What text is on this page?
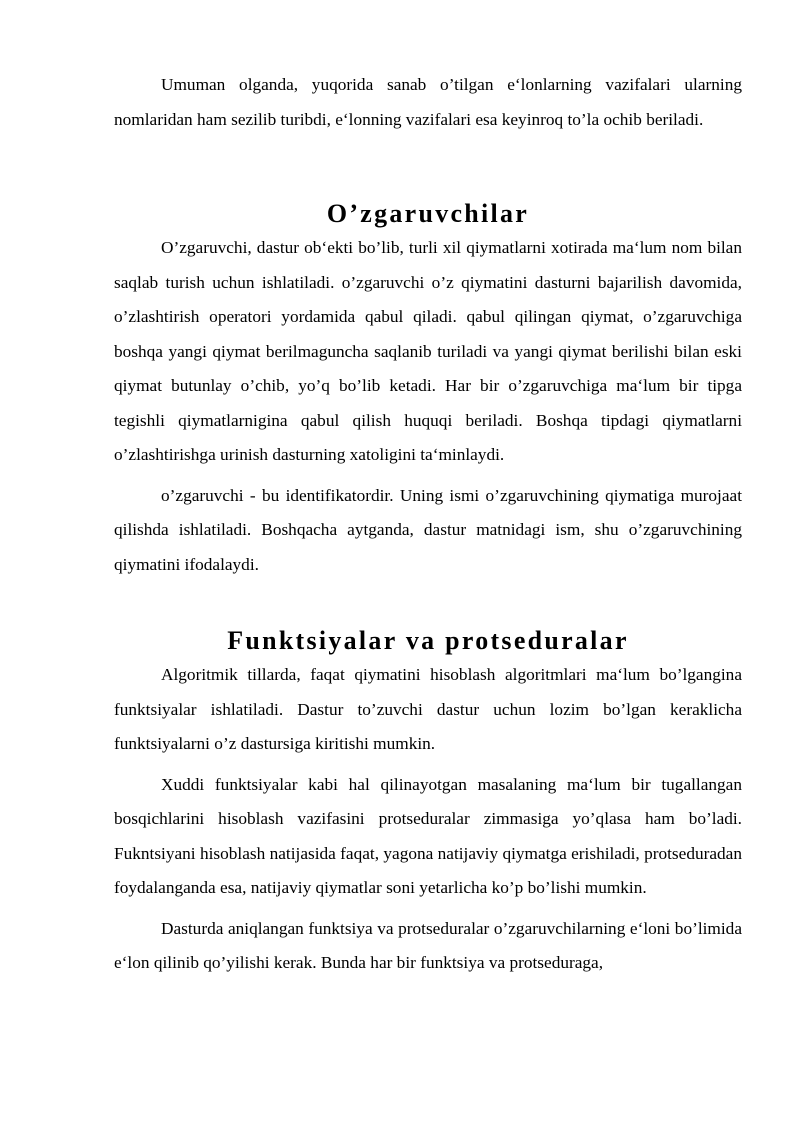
Umuman olganda, yuqorida sanab o’tilgan e‘lonlarning vazifalari ularning nomlaridan ham sezilib turibdi, e‘lonning vazifalari esa keyinroq to’la ochib beriladi.

O’zgaruvchilar

O’zgaruvchi, dastur ob‘ekti bo’lib, turli xil qiymatlarni xotirada ma‘lum nom bilan saqlab turish uchun ishlatiladi. o’zgaruvchi o’z qiymatini dasturni bajarilish davomida, o’zlashtirish operatori yordamida qabul qiladi. qabul qilingan qiymat, o’zgaruvchiga boshqa yangi qiymat berilmaguncha saqlanib turiladi va yangi qiymat berilishi bilan eski qiymat butunlay o’chib, yo’q bo’lib ketadi. Har bir o’zgaruvchiga ma‘lum bir tipga tegishli qiymatlarnigina qabul qilish huquqi beriladi. Boshqa tipdagi qiymatlarni o’zlashtirishga urinish dasturning xatoligini ta‘minlaydi.

o’zgaruvchi - bu identifikatordir. Uning ismi o’zgaruvchining qiymatiga murojaat qilishda ishlatiladi. Boshqacha aytganda, dastur matnidagi ism, shu o’zgaruvchining qiymatini ifodalaydi.

Funktsiyalar va protseduralar

Algoritmik tillarda, faqat qiymatini hisoblash algoritmlari ma‘lum bo’lgangina funktsiyalar ishlatiladi. Dastur to’zuvchi dastur uchun lozim bo’lgan keraklicha funktsiyalarni o’z dastursiga kiritishi mumkin.

Xuddi funktsiyalar kabi hal qilinayotgan masalaning ma‘lum bir tugallangan bosqichlarini hisoblash vazifasini protseduralar zimmasiga yo’qlasa ham bo’ladi. Fukntsiyani hisoblash natijasida faqat, yagona natijaviy qiymatga erishiladi, protseduradan foydalanganda esa, natijaviy qiymatlar soni yetarlicha ko’p bo’lishi mumkin.

Dasturda aniqlangan funktsiya va protseduralar o’zgaruvchilarning e‘loni bo’limida e‘lon qilinib qo’yilishi kerak. Bunda har bir funktsiya va protseduraga,
